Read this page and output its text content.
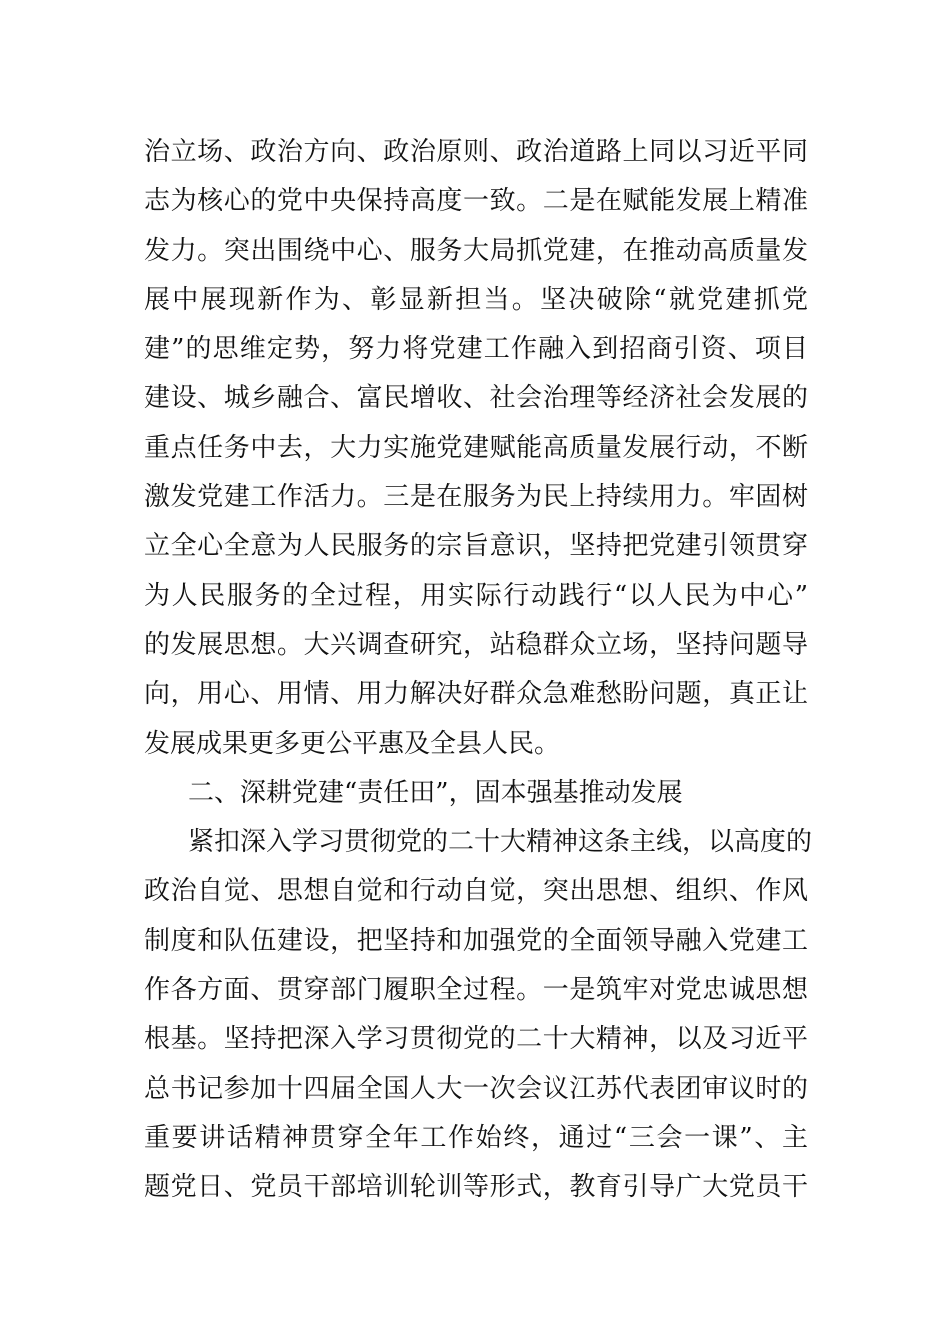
治立场、政治方向、政治原则、政治道路上同以习近平同
志为核心的党中央保持高度一致。二是在赋能发展上精准
发力。突出围绕中心、服务大局抓党建，在推动高质量发
展中展现新作为、彰显新担当。坚决破除“就党建抓党
建”的思维定势，努力将党建工作融入到招商引资、项目
建设、城乡融合、富民增收、社会治理等经济社会发展的
重点任务中去，大力实施党建赋能高质量发展行动，不断
激发党建工作活力。三是在服务为民上持续用力。牢固树
立全心全意为人民服务的宗旨意识，坚持把党建引领贯穿
为人民服务的全过程，用实际行动践行“以人民为中心”
的发展思想。大兴调查研究，站稳群众立场，坚持问题导
向，用心、用情、用力解决好群众急难愁盼问题，真正让
发展成果更多更公平惠及全县人民。
二、深耕党建“责任田”，固本强基推动发展
紧扣深入学习贯彻党的二十大精神这条主线，以高度的
政治自觉、思想自觉和行动自觉，突出思想、组织、作风
制度和队伍建设，把坚持和加强党的全面领导融入党建工
作各方面、贯穿部门履职全过程。一是筑牢对党忠诚思想
根基。坚持把深入学习贯彻党的二十大精神，以及习近平
总书记参加十四届全国人大一次会议江苏代表团审议时的
重要讲话精神贯穿全年工作始终，通过“三会一课”、主
题党日、党员干部培训轮训等形式，教育引导广大党员干
